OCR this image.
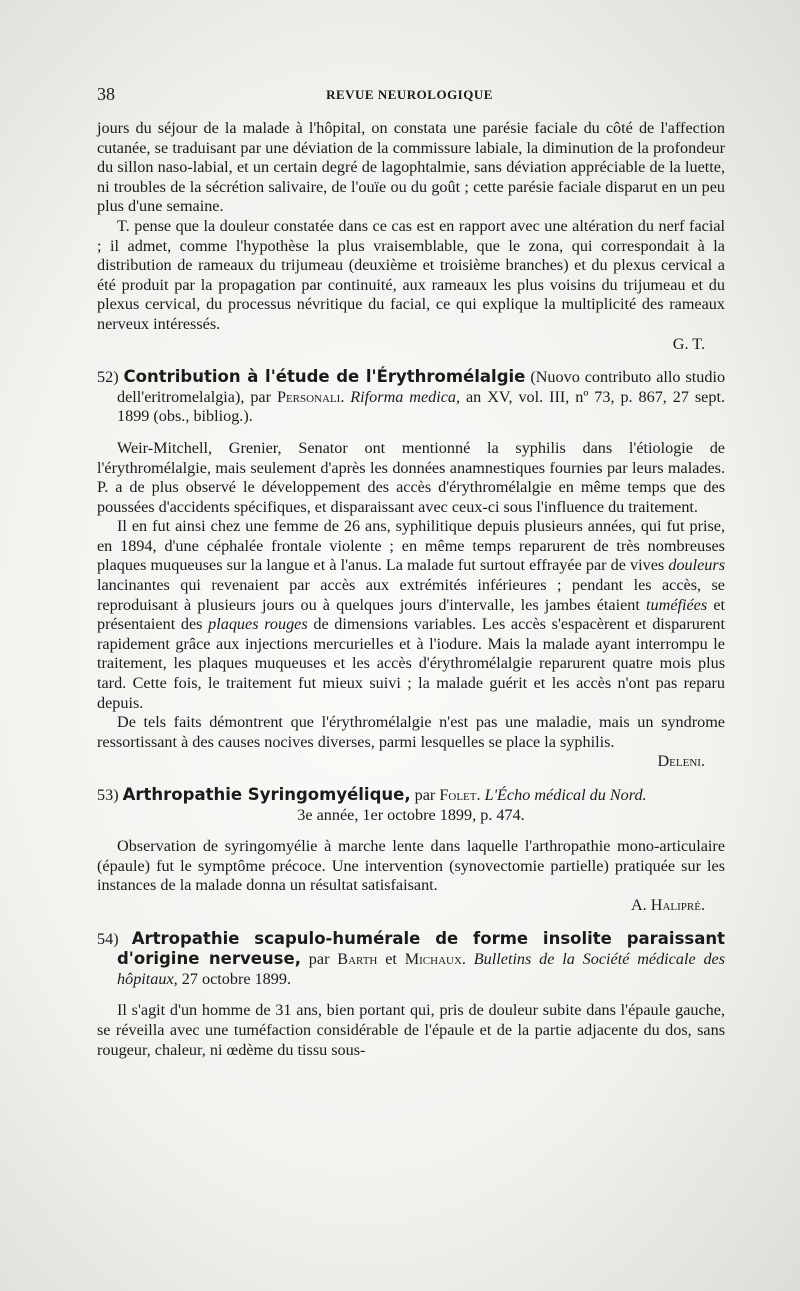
38	REVUE NEUROLOGIQUE

jours du séjour de la malade à l'hôpital, on constata une parésie faciale du côté de l'affection cutanée, se traduisant par une déviation de la commissure labiale, la diminution de la profondeur du sillon naso-labial, et un certain degré de lagophtalmie, sans déviation appréciable de la luette, ni troubles de la sécrétion salivaire, de l'ouïe ou du goût ; cette parésie faciale disparut en un peu plus d'une semaine.

T. pense que la douleur constatée dans ce cas est en rapport avec une altération du nerf facial ; il admet, comme l'hypothèse la plus vraisemblable, que le zona, qui correspondait à la distribution de rameaux du trijumeau (deuxième et troisième branches) et du plexus cervical a été produit par la propagation par continuité, aux rameaux les plus voisins du trijumeau et du plexus cervical, du processus névritique du facial, ce qui explique la multiplicité des rameaux nerveux intéressés.

G. T.

52) Contribution à l'étude de l'Érythromélalgie (Nuovo contributo allo studio dell'eritromelalgia), par Personali. Riforma medica, an XV, vol. III, nº 73, p. 867, 27 sept. 1899 (obs., bibliog.).

Weir-Mitchell, Grenier, Senator ont mentionné la syphilis dans l'étiologie de l'érythromélalgie, mais seulement d'après les données anamnestiques fournies par leurs malades. P. a de plus observé le développement des accès d'érythromélalgie en même temps que des poussées d'accidents spécifiques, et disparaissant avec ceux-ci sous l'influence du traitement.

Il en fut ainsi chez une femme de 26 ans, syphilitique depuis plusieurs années, qui fut prise, en 1894, d'une céphalée frontale violente ; en même temps reparurent de très nombreuses plaques muqueuses sur la langue et à l'anus. La malade fut surtout effrayée par de vives douleurs lancinantes qui revenaient par accès aux extrémités inférieures ; pendant les accès, se reproduisant à plusieurs jours ou à quelques jours d'intervalle, les jambes étaient tuméfiées et présentaient des plaques rouges de dimensions variables. Les accès s'espacèrent et disparurent rapidement grâce aux injections mercurielles et à l'iodure. Mais la malade ayant interrompu le traitement, les plaques muqueuses et les accès d'érythromélalgie reparurent quatre mois plus tard. Cette fois, le traitement fut mieux suivi ; la malade guérit et les accès n'ont pas reparu depuis.

De tels faits démontrent que l'érythromélalgie n'est pas une maladie, mais un syndrome ressortissant à des causes nocives diverses, parmi lesquelles se place la syphilis.

Deleni.

53) Arthropathie Syringomyélique, par Folet. L'Écho médical du Nord.

3e année, 1er octobre 1899, p. 474.

Observation de syringomyélie à marche lente dans laquelle l'arthropathie mono-articulaire (épaule) fut le symptôme précoce. Une intervention (synovectomie partielle) pratiquée sur les instances de la malade donna un résultat satisfaisant.

A. Halipré.

54) Artropathie scapulo-humérale de forme insolite paraissant d'origine nerveuse, par Barth et Michaux. Bulletins de la Société médicale des hôpitaux, 27 octobre 1899.

Il s'agit d'un homme de 31 ans, bien portant qui, pris de douleur subite dans l'épaule gauche, se réveilla avec une tuméfaction considérable de l'épaule et de la partie adjacente du dos, sans rougeur, chaleur, ni œdème du tissu sous-
